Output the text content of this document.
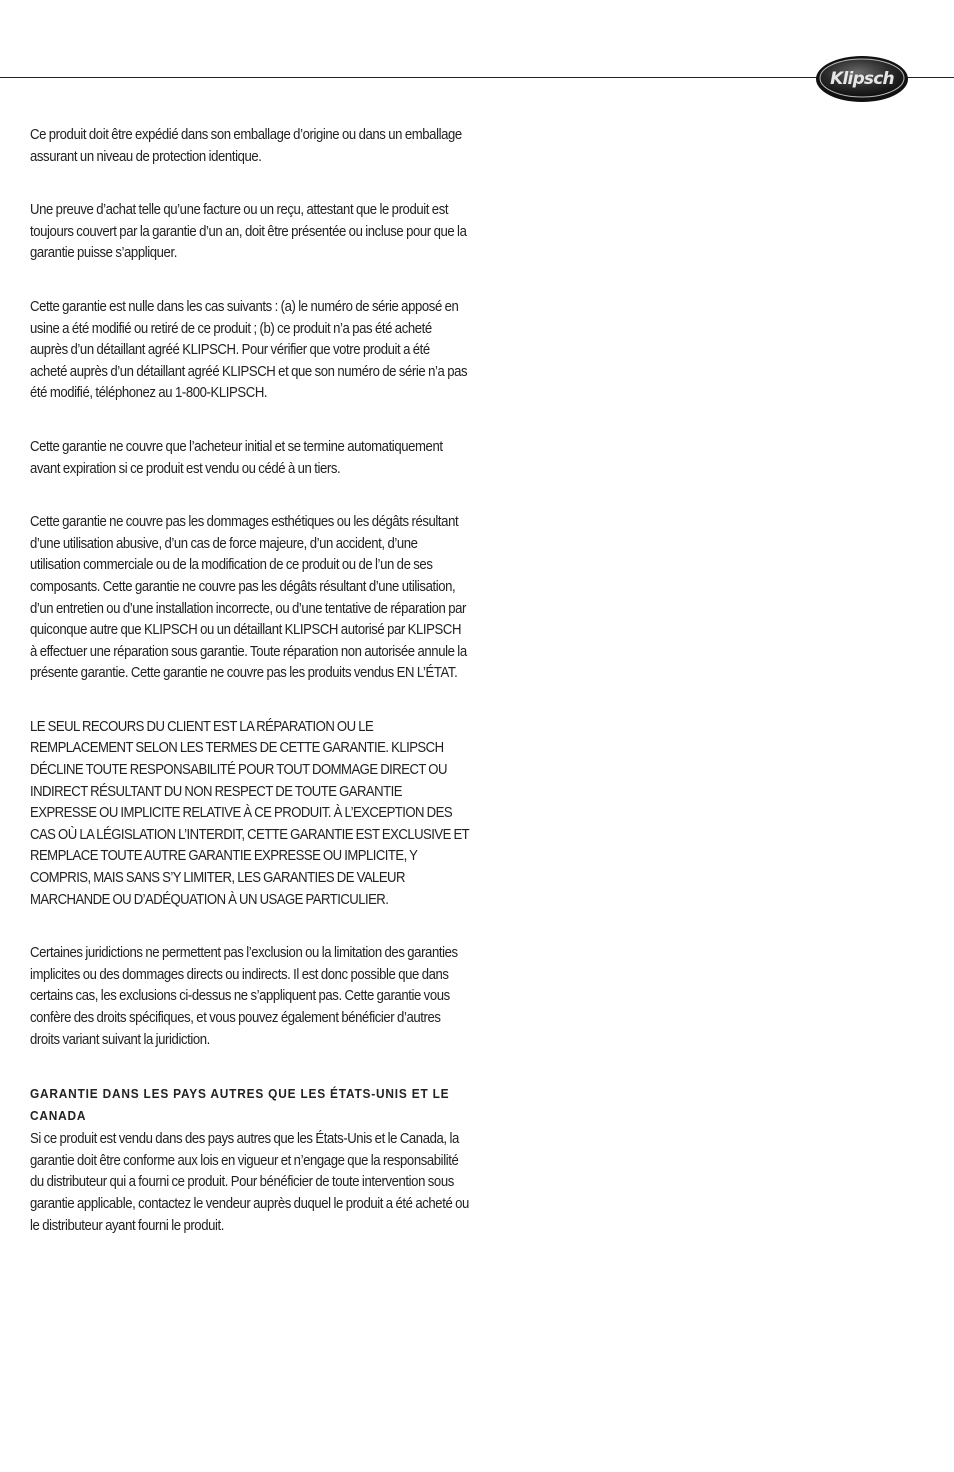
Klipsch

Ce produit doit être expédié dans son emballage d’origine ou dans un emballage assurant un niveau de protection identique.

Une preuve d’achat telle qu’une facture ou un reçu, attestant que le produit est toujours couvert par la garantie d’un an, doit être présentée ou incluse pour que la garantie puisse s’appliquer.

Cette garantie est nulle dans les cas suivants : (a) le numéro de série apposé en usine a été modifié ou retiré de ce produit ; (b) ce produit n’a pas été acheté auprès d’un détaillant agréé KLIPSCH. Pour vérifier que votre produit a été acheté auprès d’un détaillant agréé KLIPSCH et que son numéro de série n’a pas été modifié, téléphonez au 1-800-KLIPSCH.

Cette garantie ne couvre que l’acheteur initial et se termine automatiquement avant expiration si ce produit est vendu ou cédé à un tiers.

Cette garantie ne couvre pas les dommages esthétiques ou les dégâts résultant d’une utilisation abusive, d’un cas de force majeure, d’un accident, d’une utilisation commerciale ou de la modification de ce produit ou de l’un de ses composants. Cette garantie ne couvre pas les dégâts résultant d’une utilisation, d’un entretien ou d’une installation incorrecte, ou d’une tentative de réparation par quiconque autre que KLIPSCH ou un détaillant KLIPSCH autorisé par KLIPSCH à effectuer une réparation sous garantie. Toute réparation non autorisée annule la présente garantie. Cette garantie ne couvre pas les produits vendus EN L’ÉTAT.

LE SEUL RECOURS DU CLIENT EST LA RÉPARATION OU LE REMPLACEMENT SELON LES TERMES DE CETTE GARANTIE. KLIPSCH DÉCLINE TOUTE RESPONSABILITÉ POUR TOUT DOMMAGE DIRECT OU INDIRECT RÉSULTANT DU NON RESPECT DE TOUTE GARANTIE EXPRESSE OU IMPLICITE RELATIVE À CE PRODUIT. À L’EXCEPTION DES CAS OÙ LA LÉGISLATION L’INTERDIT, CETTE GARANTIE EST EXCLUSIVE ET REMPLACE TOUTE AUTRE GARANTIE EXPRESSE OU IMPLICITE, Y COMPRIS, MAIS SANS S’Y LIMITER, LES GARANTIES DE VALEUR MARCHANDE OU D’ADÉQUATION À UN USAGE PARTICULIER.

Certaines juridictions ne permettent pas l’exclusion ou la limitation des garanties implicites ou des dommages directs ou indirects. Il est donc possible que dans certains cas, les exclusions ci-dessus ne s’appliquent pas. Cette garantie vous confère des droits spécifiques, et vous pouvez également bénéficier d’autres droits variant suivant la juridiction.

GARANTIE DANS LES PAYS AUTRES QUE LES ÉTATS-UNIS ET LE CANADA

Si ce produit est vendu dans des pays autres que les États-Unis et le Canada, la garantie doit être conforme aux lois en vigueur et n’engage que la responsabilité du distributeur qui a fourni ce produit. Pour bénéficier de toute intervention sous garantie applicable, contactez le vendeur auprès duquel le produit a été acheté ou le distributeur ayant fourni le produit.
